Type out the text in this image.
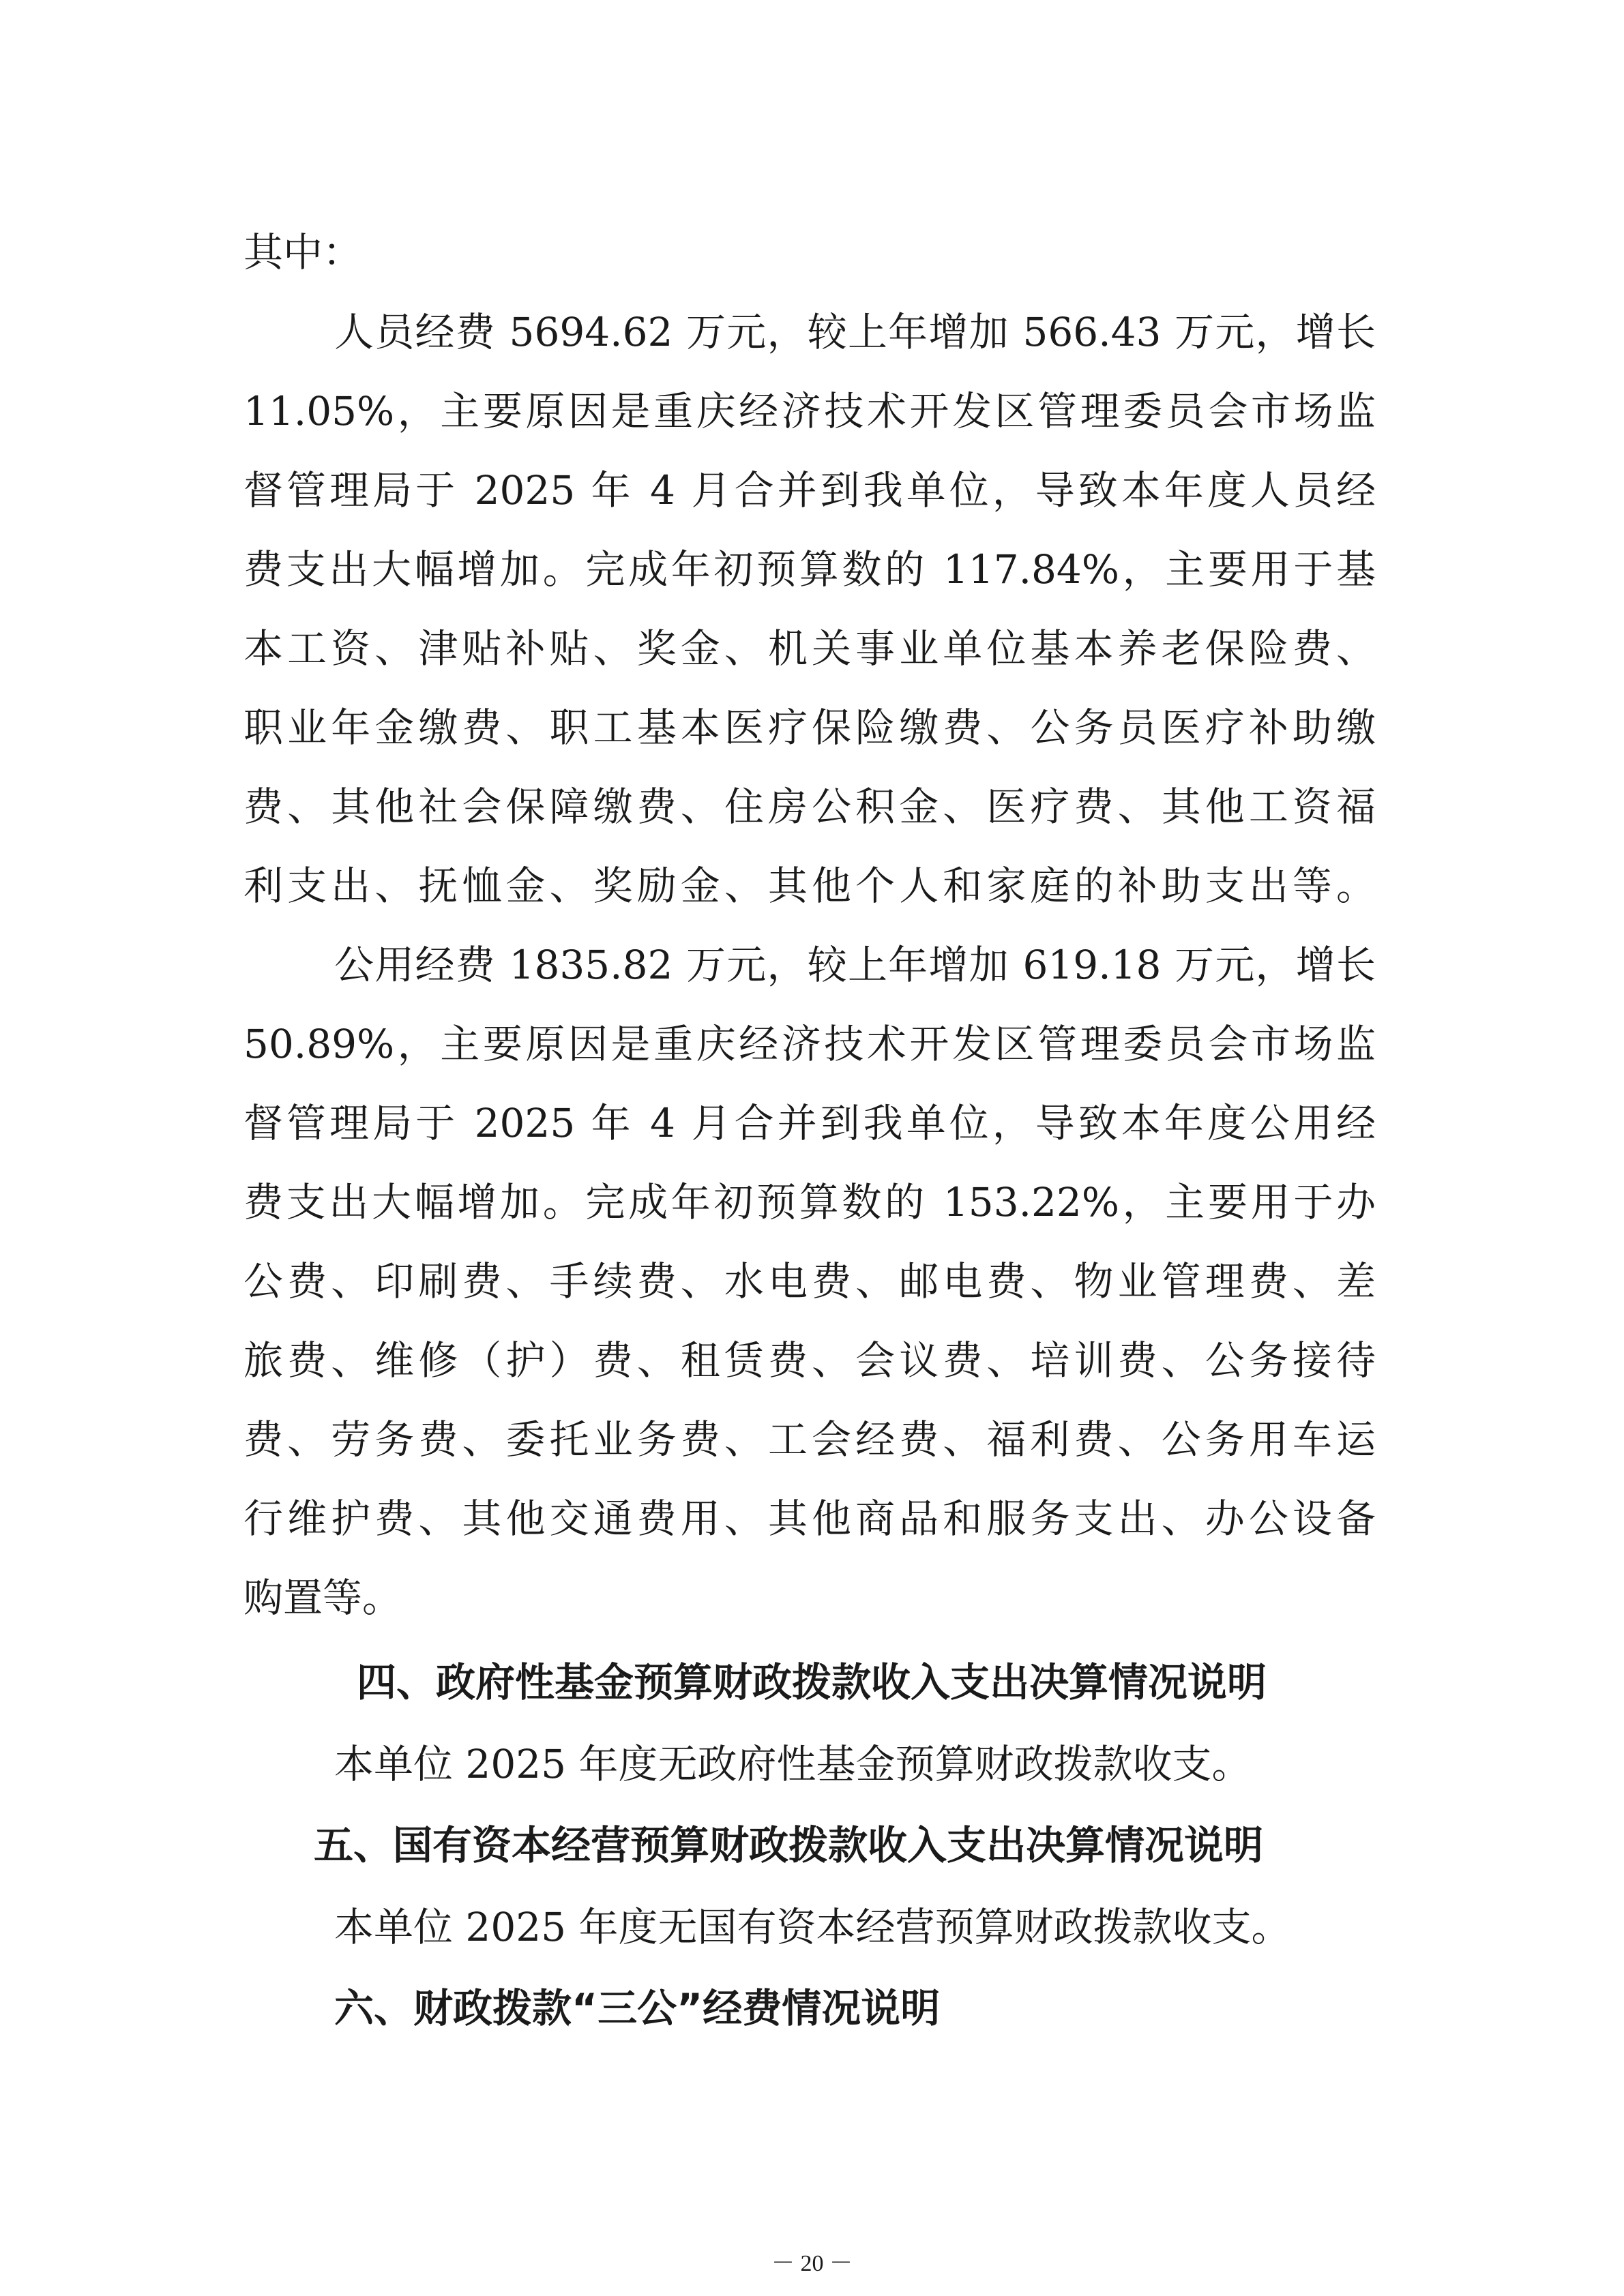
其中：
人员经费 5694.62 万元，较上年增加 566.43 万元，增长
11.05%，主要原因是重庆经济技术开发区管理委员会市场监
督管理局于 2025 年 4 月合并到我单位，导致本年度人员经
费支出大幅增加。完成年初预算数的 117.84%，主要用于基
本工资、津贴补贴、奖金、机关事业单位基本养老保险费、
职业年金缴费、职工基本医疗保险缴费、公务员医疗补助缴
费、其他社会保障缴费、住房公积金、医疗费、其他工资福
利支出、抚恤金、奖励金、其他个人和家庭的补助支出等。
公用经费 1835.82 万元，较上年增加 619.18 万元，增长
50.89%，主要原因是重庆经济技术开发区管理委员会市场监
督管理局于 2025 年 4 月合并到我单位，导致本年度公用经
费支出大幅增加。完成年初预算数的 153.22%，主要用于办
公费、印刷费、手续费、水电费、邮电费、物业管理费、差
旅费、维修（护）费、租赁费、会议费、培训费、公务接待
费、劳务费、委托业务费、工会经费、福利费、公务用车运
行维护费、其他交通费用、其他商品和服务支出、办公设备
购置等。
四、政府性基金预算财政拨款收入支出决算情况说明
本单位 2025 年度无政府性基金预算财政拨款收支。
五、国有资本经营预算财政拨款收入支出决算情况说明
本单位 2025 年度无国有资本经营预算财政拨款收支。
六、财政拨款“三公”经费情况说明
－ 20 －
